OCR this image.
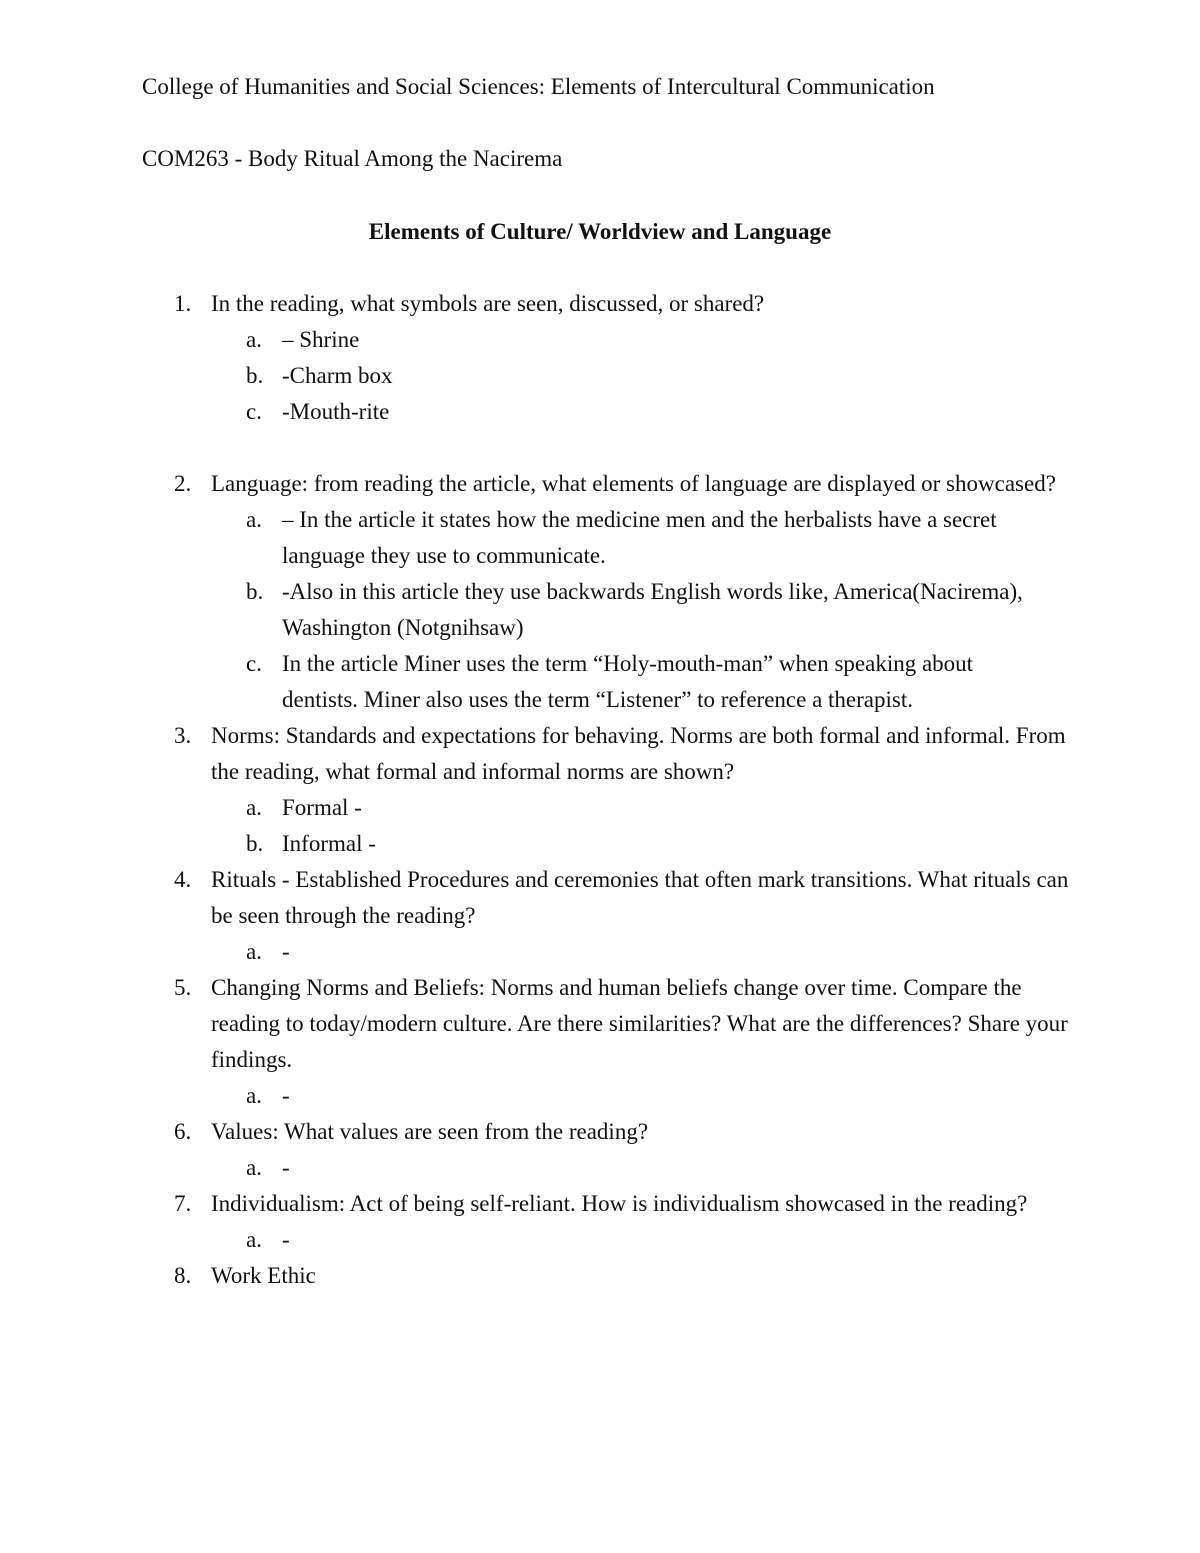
College of Humanities and Social Sciences: Elements of Intercultural Communication

COM263 - Body Ritual Among the Nacirema

Elements of Culture/ Worldview and Language
1. In the reading, what symbols are seen, discussed, or shared?
a. – Shrine
b. -Charm box
c. -Mouth-rite
2. Language: from reading the article, what elements of language are displayed or showcased?
a. – In the article it states how the medicine men and the herbalists have a secret language they use to communicate.
b. -Also in this article they use backwards English words like, America(Nacirema), Washington (Notgnihsaw)
c. In the article Miner uses the term “Holy-mouth-man” when speaking about dentists. Miner also uses the term “Listener” to reference a therapist.
3. Norms: Standards and expectations for behaving. Norms are both formal and informal. From the reading, what formal and informal norms are shown?
a. Formal -
b. Informal -
4. Rituals - Established Procedures and ceremonies that often mark transitions. What rituals can be seen through the reading?
a. -
5. Changing Norms and Beliefs: Norms and human beliefs change over time. Compare the reading to today/modern culture. Are there similarities? What are the differences? Share your findings.
a. -
6. Values: What values are seen from the reading?
a. -
7. Individualism: Act of being self-reliant. How is individualism showcased in the reading?
a. -
8. Work Ethic
